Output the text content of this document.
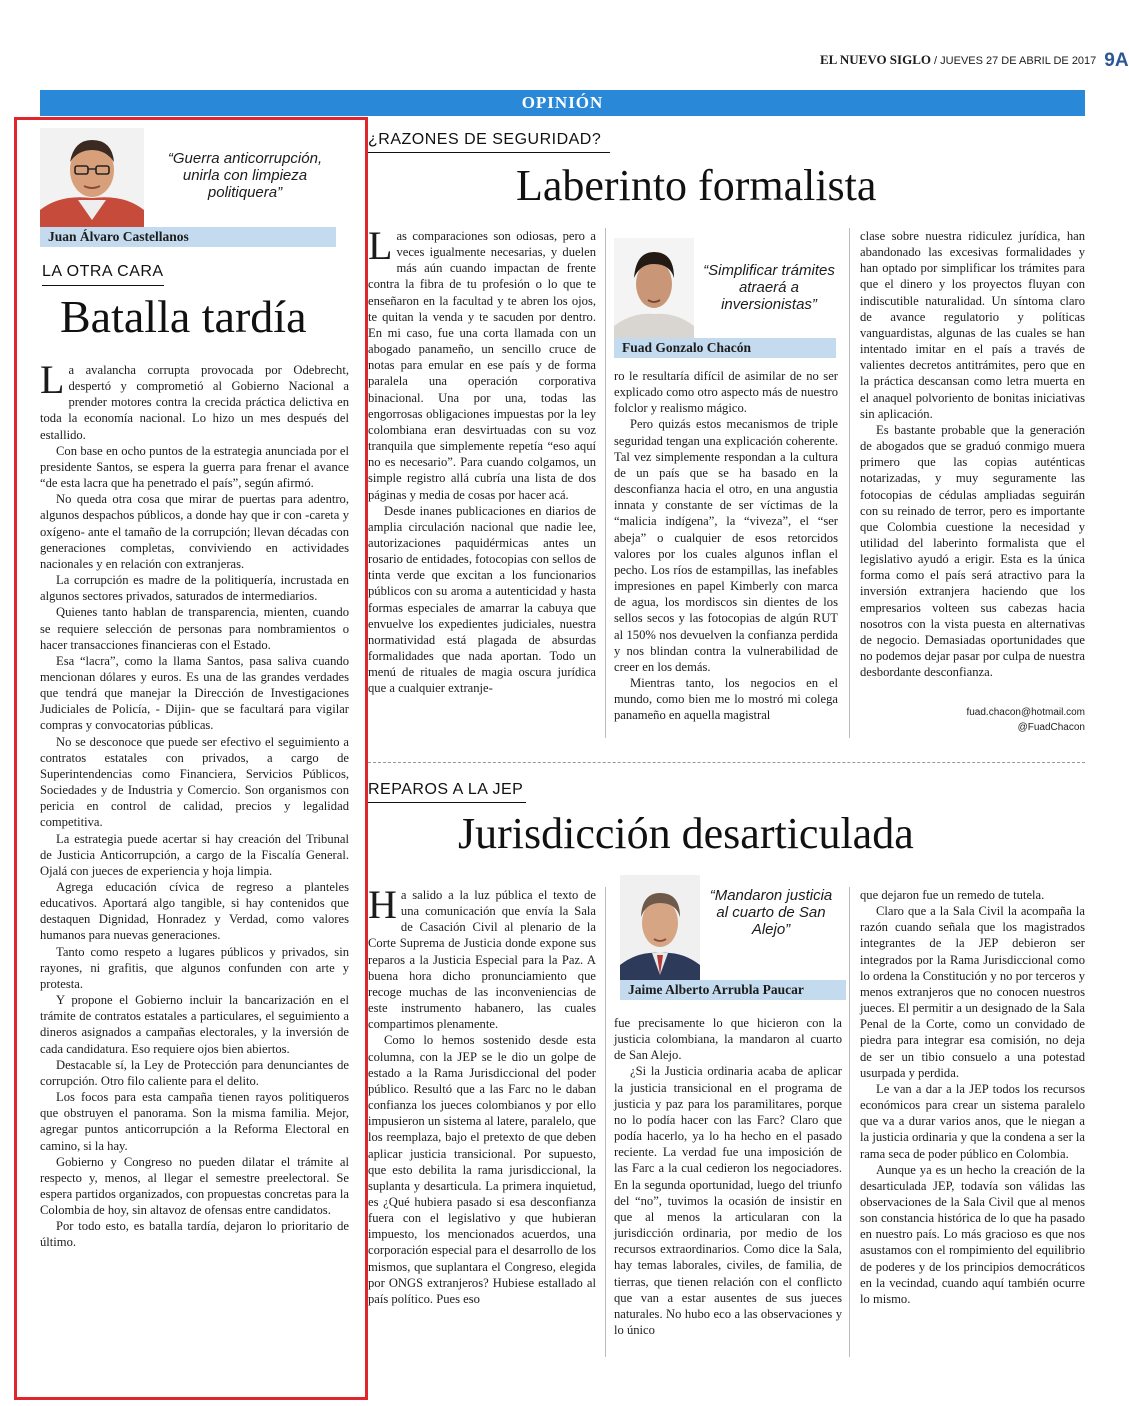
EL NUEVO SIGLO / JUEVES 27 DE ABRIL DE 2017 9A
OPINIÓN
“Guerra anticorrupción, unirla con limpieza politiquera”
Juan Álvaro Castellanos
LA OTRA CARA
Batalla tardía

La avalancha corrupta provocada por Odebrecht, despertó y comprometió al Gobierno Nacional a prender motores contra la crecida práctica delictiva en toda la economía nacional. Lo hizo un mes después del estallido.

Con base en ocho puntos de la estrategia anunciada por el presidente Santos, se espera la guerra para frenar el avance “de esta lacra que ha penetrado el país”, según afirmó.

No queda otra cosa que mirar de puertas para adentro, algunos despachos públicos, a donde hay que ir con -careta y oxígeno- ante el tamaño de la corrupción; llevan décadas con generaciones completas, conviviendo en actividades nacionales y en relación con extranjeras.

La corrupción es madre de la politiquería, incrustada en algunos sectores privados, saturados de intermediarios.

Quienes tanto hablan de transparencia, mienten, cuando se requiere selección de personas para nombramientos o hacer transacciones financieras con el Estado.

Esa “lacra”, como la llama Santos, pasa saliva cuando mencionan dólares y euros. Es una de las grandes verdades que tendrá que manejar la Dirección de Investigaciones Judiciales de Policía, - Dijin- que se facultará para vigilar compras y convocatorias públicas.

No se desconoce que puede ser efectivo el seguimiento a contratos estatales con privados, a cargo de Superintendencias como Financiera, Servicios Públicos, Sociedades y de Industria y Comercio. Son organismos con pericia en control de calidad, precios y legalidad competitiva.

La estrategia puede acertar si hay creación del Tribunal de Justicia Anticorrupción, a cargo de la Fiscalía General. Ojalá con jueces de experiencia y hoja limpia.

Agrega educación cívica de regreso a planteles educativos. Aportará algo tangible, si hay contenidos que destaquen Dignidad, Honradez y Verdad, como valores humanos para nuevas generaciones.

Tanto como respeto a lugares públicos y privados, sin rayones, ni grafitis, que algunos confunden con arte y protesta.

Y propone el Gobierno incluir la bancarización en el trámite de contratos estatales a particulares, el seguimiento a dineros asignados a campañas electorales, y la inversión de cada candidatura. Eso requiere ojos bien abiertos.

Destacable sí, la Ley de Protección para denunciantes de corrupción. Otro filo caliente para el delito.

Los focos para esta campaña tienen rayos politiqueros que obstruyen el panorama. Son la misma familia. Mejor, agregar puntos anticorrupción a la Reforma Electoral en camino, si la hay.

Gobierno y Congreso no pueden dilatar el trámite al respecto y, menos, al llegar el semestre preelectoral. Se espera partidos organizados, con propuestas concretas para la Colombia de hoy, sin altavoz de ofensas entre candidatos.

Por todo esto, es batalla tardía, dejaron lo prioritario de último.

¿RAZONES DE SEGURIDAD?
Laberinto formalista

Las comparaciones son odiosas, pero a veces igualmente necesarias, y duelen más aún cuando impactan de frente contra la fibra de tu profesión o lo que te enseñaron en la facultad y te abren los ojos, te quitan la venda y te sacuden por dentro. En mi caso, fue una corta llamada con un abogado panameño, un sencillo cruce de notas para emular en ese país y de forma paralela una operación corporativa binacional. Una por una, todas las engorrosas obligaciones impuestas por la ley colombiana eran desvirtuadas con su voz tranquila que simplemente repetía “eso aquí no es necesario”. Para cuando colgamos, un simple registro allá cubría una lista de dos páginas y media de cosas por hacer acá.

Desde inanes publicaciones en diarios de amplia circulación nacional que nadie lee, autorizaciones paquidérmicas antes un rosario de entidades, fotocopias con sellos de tinta verde que excitan a los funcionarios públicos con su aroma a autenticidad y hasta formas especiales de amarrar la cabuya que envuelve los expedientes judiciales, nuestra normatividad está plagada de absurdas formalidades que nada aportan. Todo un menú de rituales de magia oscura jurídica que a cualquier extranje-

“Simplificar trámites atraerá a inversionistas”
Fuad Gonzalo Chacón

ro le resultaría difícil de asimilar de no ser explicado como otro aspecto más de nuestro folclor y realismo mágico.

Pero quizás estos mecanismos de triple seguridad tengan una explicación coherente. Tal vez simplemente respondan a la cultura de un país que se ha basado en la desconfianza hacia el otro, en una angustia innata y constante de ser víctimas de la “malicia indígena”, la “viveza”, el “ser abeja” o cualquier de esos retorcidos valores por los cuales algunos inflan el pecho. Los ríos de estampillas, las inefables impresiones en papel Kimberly con marca de agua, los mordiscos sin dientes de los sellos secos y las fotocopias de algún RUT al 150% nos devuelven la confianza perdida y nos blindan contra la vulnerabilidad de creer en los demás.

Mientras tanto, los negocios en el mundo, como bien me lo mostró mi colega panameño en aquella magistral

clase sobre nuestra ridiculez jurídica, han abandonado las excesivas formalidades y han optado por simplificar los trámites para que el dinero y los proyectos fluyan con indiscutible naturalidad. Un síntoma claro de avance regulatorio y políticas vanguardistas, algunas de las cuales se han intentado imitar en el país a través de valientes decretos antitrámites, pero que en la práctica descansan como letra muerta en el anaquel polvoriento de bonitas iniciativas sin aplicación.

Es bastante probable que la generación de abogados que se graduó conmigo muera primero que las copias auténticas notarizadas, y muy seguramente las fotocopias de cédulas ampliadas seguirán con su reinado de terror, pero es importante que Colombia cuestione la necesidad y utilidad del laberinto formalista que el legislativo ayudó a erigir. Esta es la única forma como el país será atractivo para la inversión extranjera haciendo que los empresarios volteen sus cabezas hacia nosotros con la vista puesta en alternativas de negocio. Demasiadas oportunidades que no podemos dejar pasar por culpa de nuestra desbordante desconfianza.

fuad.chacon@hotmail.com
@FuadChacon
REPAROS A LA JEP
Jurisdicción desarticulada

Ha salido a la luz pública el texto de una comunicación que envía la Sala de Casación Civil al plenario de la Corte Suprema de Justicia donde expone sus reparos a la Justicia Especial para la Paz. A buena hora dicho pronunciamiento que recoge muchas de las inconveniencias de este instrumento habanero, las cuales compartimos plenamente.

Como lo hemos sostenido desde esta columna, con la JEP se le dio un golpe de estado a la Rama Jurisdiccional del poder público. Resultó que a las Farc no le daban confianza los jueces colombianos y por ello impusieron un sistema al latere, paralelo, que los reemplaza, bajo el pretexto de que deben aplicar justicia transicional. Por supuesto, que esto debilita la rama jurisdiccional, la suplanta y desarticula. La primera inquietud, es ¿Qué hubiera pasado si esa desconfianza fuera con el legislativo y que hubieran impuesto, los mencionados acuerdos, una corporación especial para el desarrollo de los mismos, que suplantara el Congreso, elegida por ONGS extranjeros? Hubiese estallado al país político. Pues eso

“Mandaron justicia al cuarto de San Alejo”
Jaime Alberto Arrubla Paucar

fue precisamente lo que hicieron con la justicia colombiana, la mandaron al cuarto de San Alejo.

¿Si la Justicia ordinaria acaba de aplicar la justicia transicional en el programa de justicia y paz para los paramilitares, porque no lo podía hacer con las Farc? Claro que podía hacerlo, ya lo ha hecho en el pasado reciente. La verdad fue una imposición de las Farc a la cual cedieron los negociadores. En la segunda oportunidad, luego del triunfo del “no”, tuvimos la ocasión de insistir en que al menos la articularan con la jurisdicción ordinaria, por medio de los recursos extraordinarios. Como dice la Sala, hay temas laborales, civiles, de familia, de tierras, que tienen relación con el conflicto que van a estar ausentes de sus jueces naturales. No hubo eco a las observaciones y lo único

que dejaron fue un remedo de tutela.

Claro que a la Sala Civil la acompaña la razón cuando señala que los magistrados integrantes de la JEP debieron ser integrados por la Rama Jurisdiccional como lo ordena la Constitución y no por terceros y menos extranjeros que no conocen nuestros jueces. El permitir a un designado de la Sala Penal de la Corte, como un convidado de piedra para integrar esa comisión, no deja de ser un tibio consuelo a una potestad usurpada y perdida.

Le van a dar a la JEP todos los recursos económicos para crear un sistema paralelo que va a durar varios anos, que le niegan a la justicia ordinaria y que la condena a ser la rama seca de poder público en Colombia.

Aunque ya es un hecho la creación de la desarticulada JEP, todavía son válidas las observaciones de la Sala Civil que al menos son constancia histórica de lo que ha pasado en nuestro país. Lo más gracioso es que nos asustamos con el rompimiento del equilibrio de poderes y de los principios democráticos en la vecindad, cuando aquí también ocurre lo mismo.
